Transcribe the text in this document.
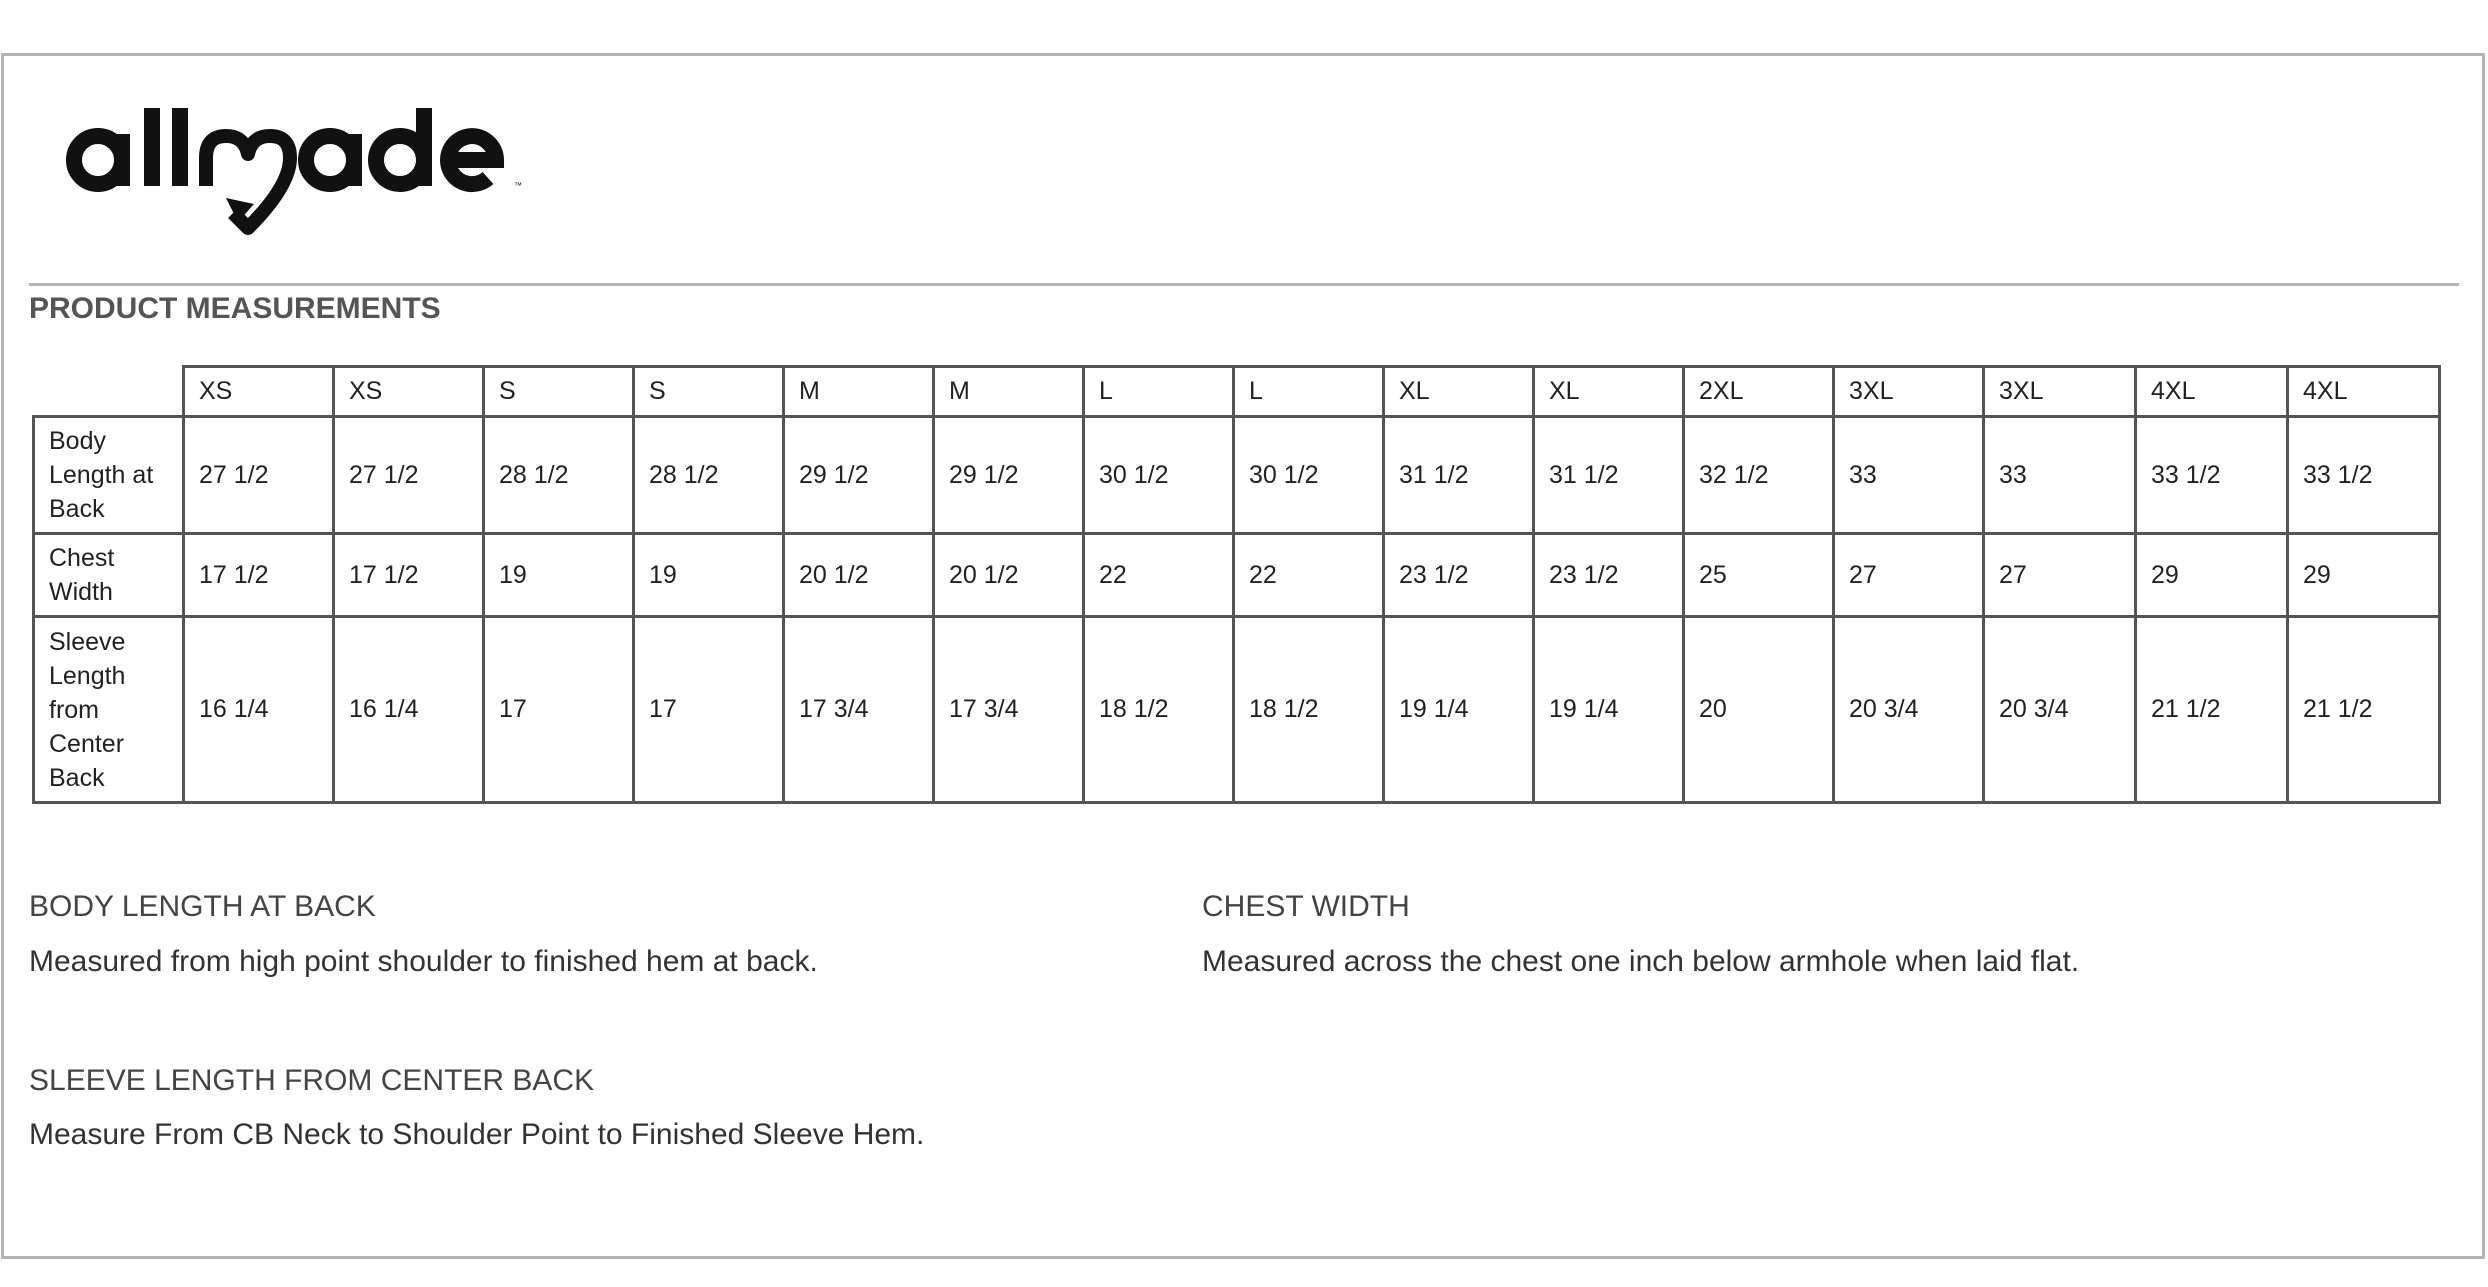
™
PRODUCT MEASUREMENTS
	XS	XS	S	S	M	M	L	L	XL	XL	2XL	3XL	3XL	4XL	4XL

Body
Length at
Back	27 1/2	27 1/2	28 1/2	28 1/2	29 1/2	29 1/2	30 1/2	30 1/2	31 1/2	31 1/2	32 1/2	33	33	33 1/2	33 1/2

Chest
Width	17 1/2	17 1/2	19	19	20 1/2	20 1/2	22	22	23 1/2	23 1/2	25	27	27	29	29

Sleeve
Length
from
Center
Back	16 1/4	16 1/4	17	17	17 3/4	17 3/4	18 1/2	18 1/2	19 1/4	19 1/4	20	20 3/4	20 3/4	21 1/2	21 1/2
BODY LENGTH AT BACK
Measured from high point shoulder to finished hem at back.
CHEST WIDTH
Measured across the chest one inch below armhole when laid flat.
SLEEVE LENGTH FROM CENTER BACK
Measure From CB Neck to Shoulder Point to Finished Sleeve Hem.
